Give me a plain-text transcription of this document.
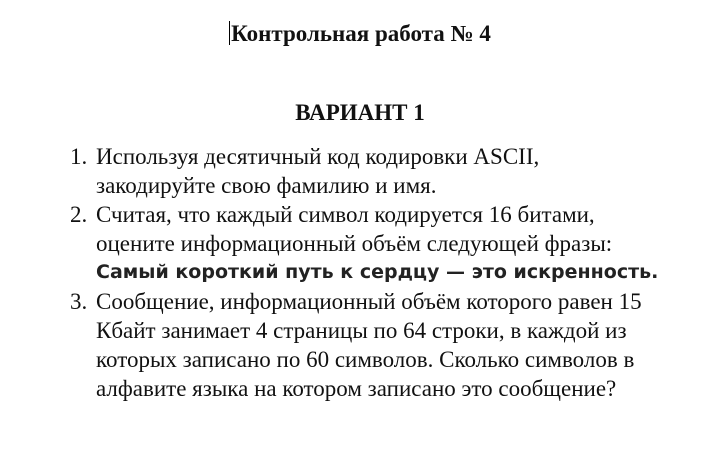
Контрольная работа № 4
ВАРИАНТ 1
1. Используя десятичный код кодировки ASCII,
закодируйте свою фамилию и имя.
2. Считая, что каждый символ кодируется 16 битами,
оцените информационный объём следующей фразы:
Самый короткий путь к сердцу — это искренность.
3. Сообщение, информационный объём которого равен 15
Кбайт занимает 4 страницы по 64 строки, в каждой из
которых записано по 60 символов. Сколько символов в
алфавите языка на котором записано это сообщение?
